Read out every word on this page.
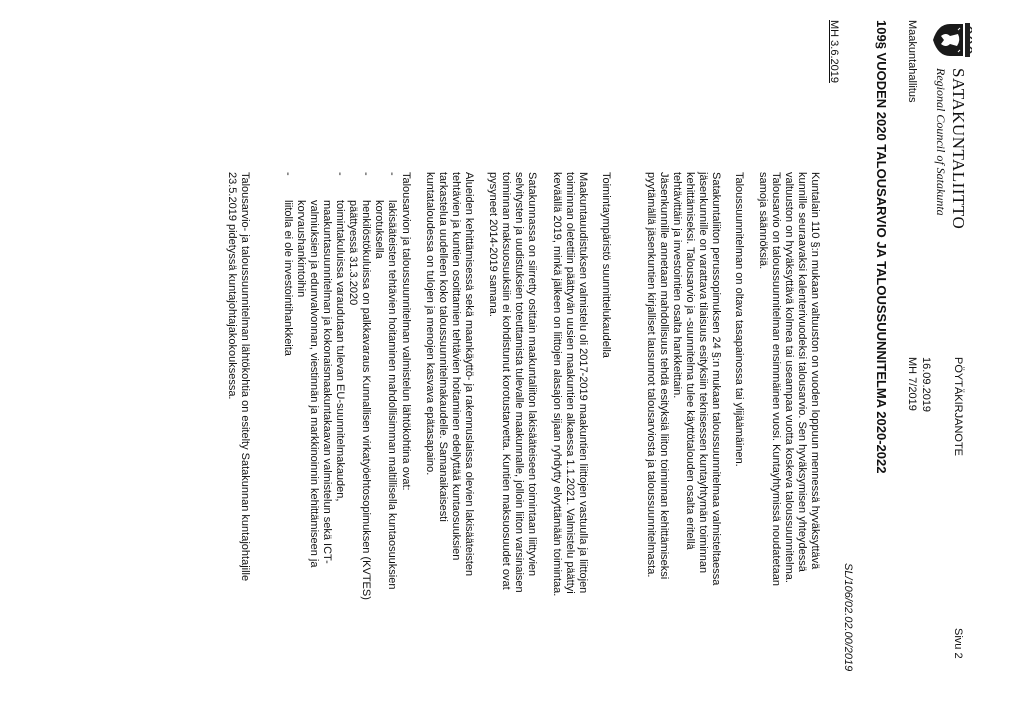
SATAKUNTALIITTO
Regional Council of Satakunta
PÖYTÄKIRJANOTE
Sivu 2
16.09.2019
MH 7/2019
Maakuntahallitus
109§ VUODEN 2020 TALOUSARVIO JA TALOUSSUUNNITELMA 2020-2022
SL/106/02.02.00/2019
MH 3.6.2019
Kuntalain 110 §:n mukaan valtuuston on vuoden loppuun mennessä hyväksyttävä
kunnille seuraavaksi kalenterivuodeksi talousarvio. Sen hyväksymisen yhteydessä
valtuuston on hyväksyttävä kolmea tai useampaa vuotta koskeva taloussuunnitelma.
Talousarvio on taloussuunnitelman ensimmäinen vuosi. Kuntayhtymissä noudatetaan
samoja säännöksiä.
Taloussuunnitelman on oltava tasapainossa tai ylijäämäinen.
Satakuntaliiton perussopimuksen 24 §:n mukaan taloussuunnitelmaa valmisteltaessa
jäsenkunnille on varattava tilaisuus esityksiin teknisessen kuntayhtymän toiminnan
kehittämiseksi. Talousarvio ja -suunnitelma tulee käyttötalouden osalta eritellä
tehtävittäin ja investointien osalta hankkeittain.
Jäsenkunnille annetaan mahdollisuus tehdä esityksiä liiton toiminnan kehittämiseksi
pyytämällä jäsenkuntien kirjalliset lausunnot talousarviosta ja taloussuunnitelmasta.
Toimintaympäristö suunnittelukaudella
Maakuntauudistuksen valmistelu oli 2017-2019 maakuntien liittojen vastuulla ja liittojen
toiminnan oletettiin päättyvän uusien maakuntien alkaessa 1.1.2021. Valmistelu päättyi
keväällä 2019, minkä jälkeen on liittojen alasajon sijaan ryhdytty elvyttämään toimintaa.
Satakunnassa on siirretty osittain maakuntaliiton lakisääteiseen toimintaan liittyvien
selvitysten ja uudistuksien toteuttamista tulevalle maakunnalle, jolloin liiton varsinaisen
toiminnan maksuosuuksiin ei kohdistunut korotustarvetta. Kuntien maksuosuudet ovat
pysyneet 2014-2019 samana.
Alueiden kehittämisessä sekä maankäyttö- ja rakennuslaissa olevien lakisääteisten
tehtävien ja kuntien osoittamien tehtävien hoitaminen edellyttää kuntaosuuksien
tarkastelua uudelleen koko taloussuunnitelmakaudelle. Samanaikaisesti
kuntataloudessa on tulojen ja menojen kasvava epätasapaino.
Talousarvion ja taloussuunnitelman valmistelun lähtökohtina ovat:
-
lakisääteisten tehtävien hoitaminen mahdollisimman maltillisella kuntaosuuksien
korotuksella
-
henkilöstökuluissa on palkkavaraus Kunnallisen virkatyöehtosopimuksen (KVTES)
päättyessä 31.3.2020
-
toimintakuluissa varaudutaan tulevan EU-suunnitelmakauden,
maakuntasuunnitelman ja kokonaismaakuntakaavan valmistelun sekä ICT-
valmiuksien ja edunvalvonnan, viestinnän ja markkinoinnin kehittämiseen ja
korvaushankintoihin
-
liitolla ei ole investointihankkeita
Talousarvio- ja taloussuunnitelman lähtökohtia on esitelty Satakunnan kuntajohtajille
23.5.2019 pidetyssä kuntajohtajakokouksessa.
